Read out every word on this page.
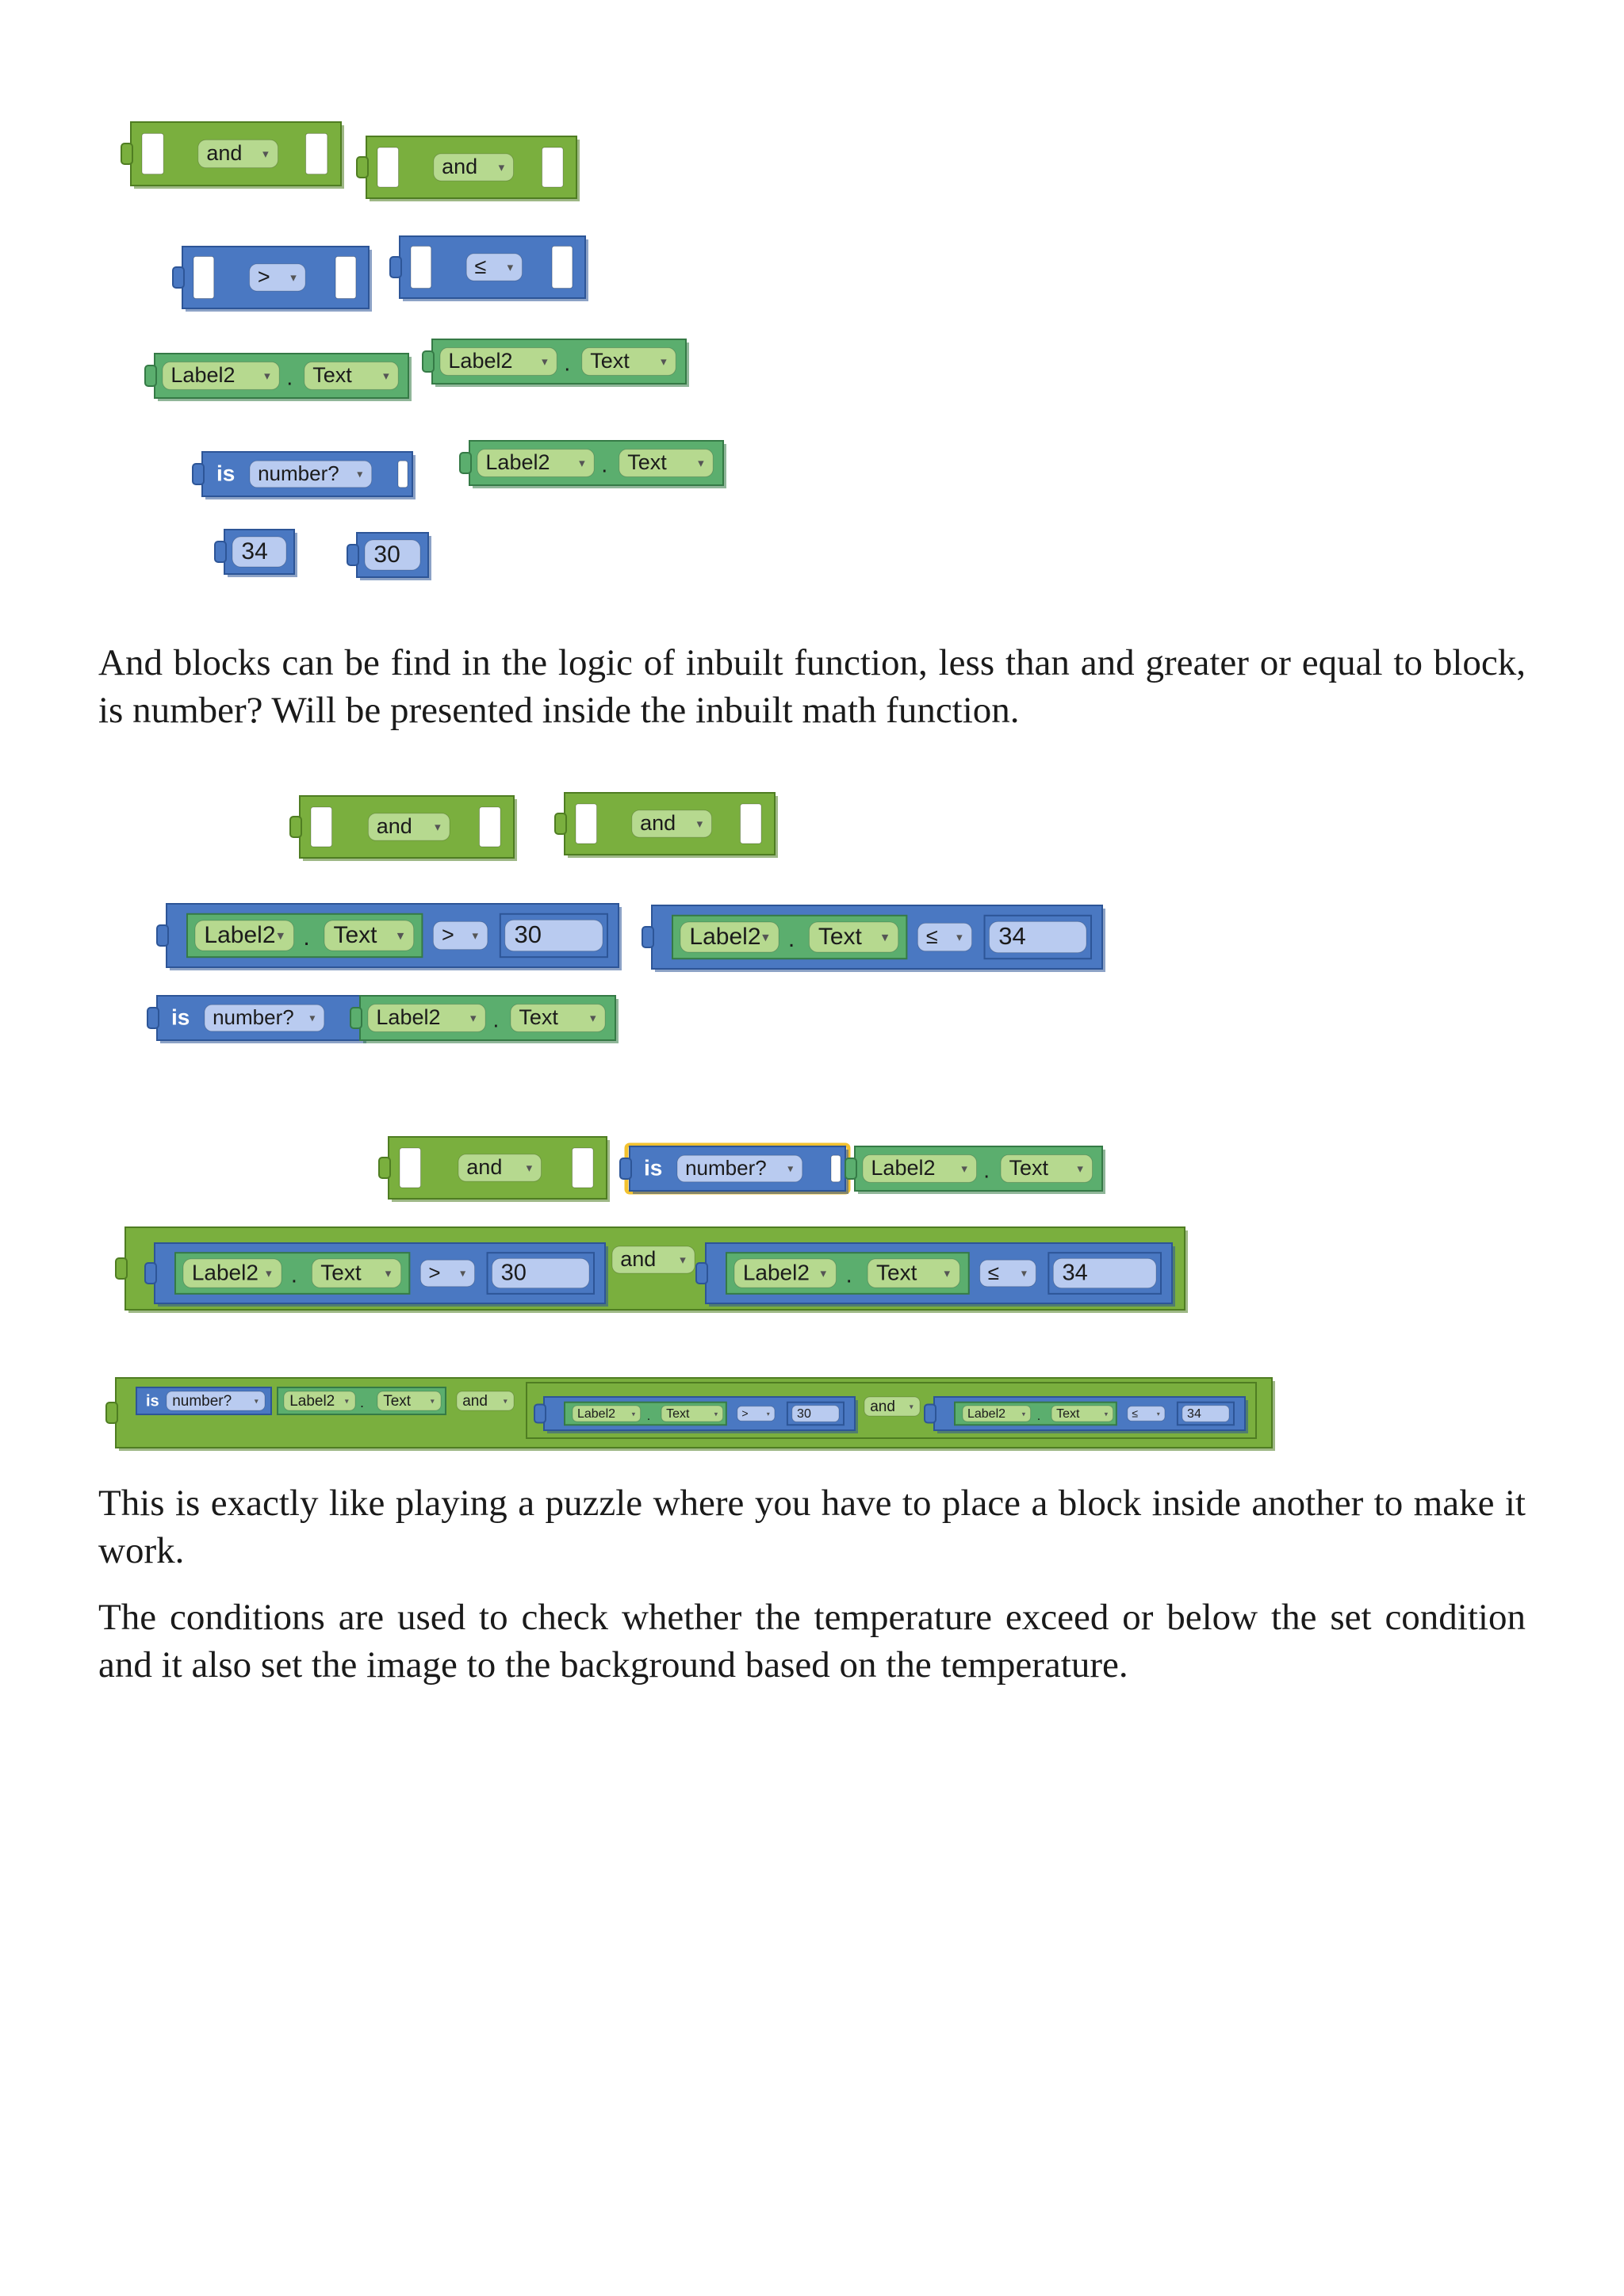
and ▾
and ▾
> ▾	≤ ▾
Label2 ▾ . Text	▾
Label2 ▾ . Text	▾
is number? ▾	Label2 ▾ . Text	▾
34	30
and ▾	and ▾
Label2 ▾ . Text ▾ > ▾ 30	Label2 ▾ . Text ▾ ≤ ▾ 34
is number? ▾	Label2	▾ . Text	▾
and ▾	is number? ▾	Label2 ▾ . Text ▾
and ▾
Label2 ▾ . Text ▾ > ▾ 30	Label2 ▾ . Text ▾ ≤ ▾ 34
is number?	▾ Label2 ▾ . Text ▾ and ▾	and ▾
Label2 ▾ . Text	▾ >	▾ 30	Label2 ▾ . Text	▾ ≤	▾ 34

And blocks can be find in the logic of inbuilt function, less than and greater or equal to block, is number? Will be presented inside the inbuilt math function.

This is exactly like playing a puzzle where you have to place a block inside another to make it work.

The conditions are used to check whether the temperature exceed or below the set condition and it also set the image to the background based on the temperature.
